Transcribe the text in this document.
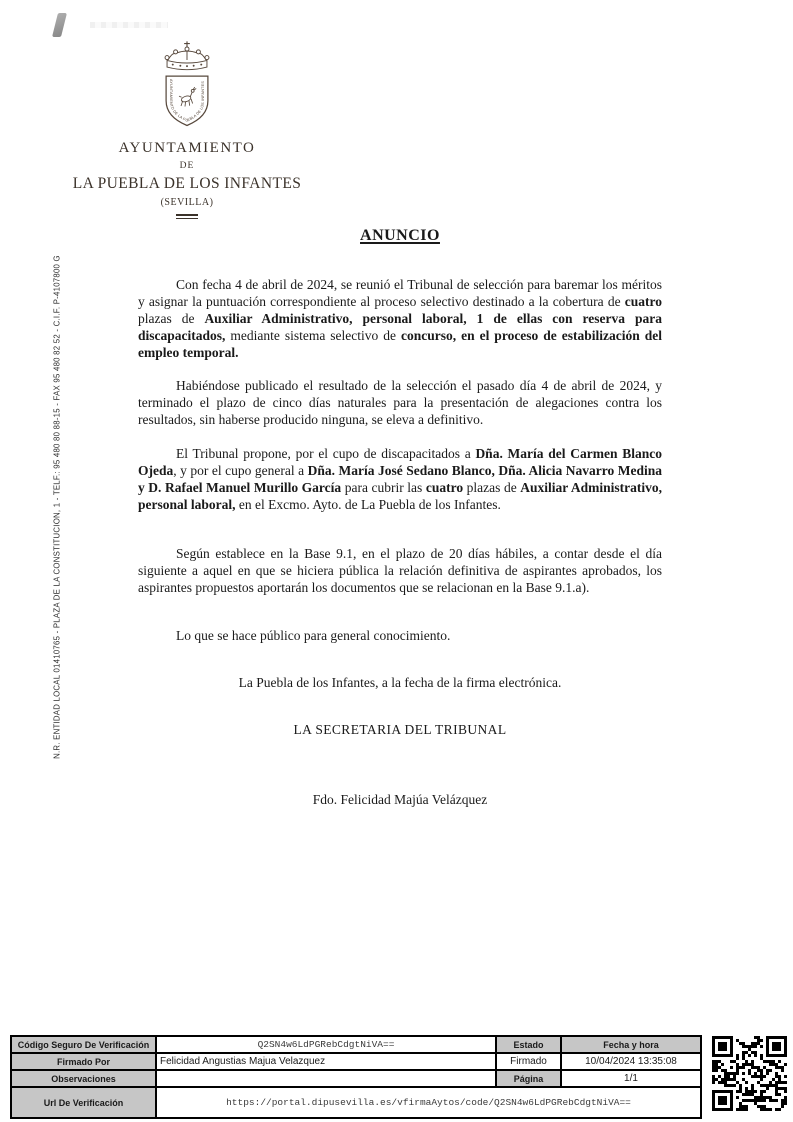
N.R. ENTIDAD LOCAL 01410765 - PLAZA DE LA CONSTITUCION, 1 - TELF.: 95 480 80 88-15 - FAX 95 480 82 52 - C.I.F. P-4107800 G
AYUNTAMIENTO DE LA PUEBLA DE LOS INFANTES
AYUNTAMIENTO
DE
LA PUEBLA DE LOS INFANTES
(SEVILLA)
ANUNCIO

Con fecha 4 de abril de 2024, se reunió el Tribunal de selección para baremar los méritos y asignar la puntuación correspondiente al proceso selectivo destinado a la cobertura de cuatro plazas de Auxiliar Administrativo, personal laboral, 1 de ellas con reserva para discapacitados, mediante sistema selectivo de concurso, en el proceso de estabilización del empleo temporal.

Habiéndose publicado el resultado de la selección el pasado día 4 de abril de 2024, y terminado el plazo de cinco días naturales para la presentación de alegaciones contra los resultados, sin haberse producido ninguna, se eleva a definitivo.

El Tribunal propone, por el cupo de discapacitados a Dña. María del Carmen Blanco Ojeda, y por el cupo general a Dña. María José Sedano Blanco, Dña. Alicia Navarro Medina y D. Rafael Manuel Murillo García para cubrir las cuatro plazas de Auxiliar Administrativo, personal laboral, en el Excmo. Ayto. de La Puebla de los Infantes.

Según establece en la Base 9.1, en el plazo de 20 días hábiles, a contar desde el día siguiente a aquel en que se hiciera pública la relación definitiva de aspirantes aprobados, los aspirantes propuestos aportarán los documentos que se relacionan en la Base 9.1.a).

Lo que se hace público para general conocimiento.
La Puebla de los Infantes, a la fecha de la firma electrónica.
LA SECRETARIA DEL TRIBUNAL
Fdo. Felicidad Majúa Velázquez
Código Seguro De Verificación	Q2SN4w6LdPGRebCdgtNiVA==	Estado	Fecha y hora
Firmado Por	Felicidad Angustias Majua Velazquez	Firmado	10/04/2024 13:35:08
Observaciones		Página	1/1
Url De Verificación	https://portal.dipusevilla.es/vfirmaAytos/code/Q2SN4w6LdPGRebCdgtNiVA==		
